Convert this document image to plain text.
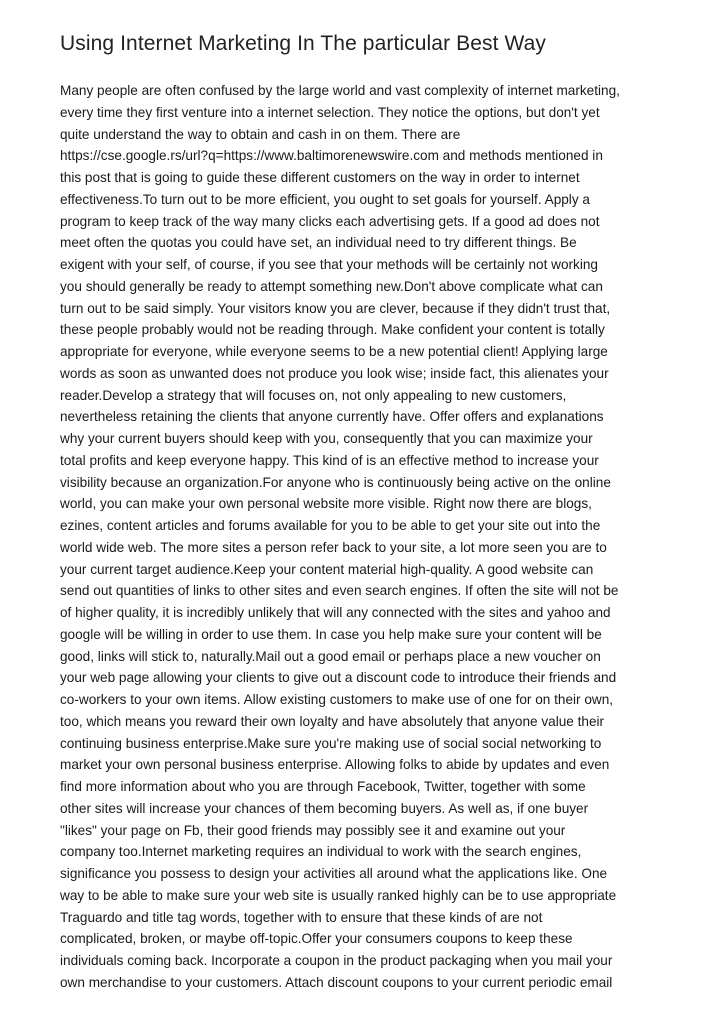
Using Internet Marketing In The particular Best Way
Many people are often confused by the large world and vast complexity of internet marketing,
every time they first venture into a internet selection. They notice the options, but don't yet
quite understand the way to obtain and cash in on them. There are
https://cse.google.rs/url?q=https://www.baltimorenewswire.com and methods mentioned in
this post that is going to guide these different customers on the way in order to internet
effectiveness.To turn out to be more efficient, you ought to set goals for yourself. Apply a
program to keep track of the way many clicks each advertising gets. If a good ad does not
meet often the quotas you could have set, an individual need to try different things. Be
exigent with your self, of course, if you see that your methods will be certainly not working
you should generally be ready to attempt something new.Don't above complicate what can
turn out to be said simply. Your visitors know you are clever, because if they didn't trust that,
these people probably would not be reading through. Make confident your content is totally
appropriate for everyone, while everyone seems to be a new potential client! Applying large
words as soon as unwanted does not produce you look wise; inside fact, this alienates your
reader.Develop a strategy that will focuses on, not only appealing to new customers,
nevertheless retaining the clients that anyone currently have. Offer offers and explanations
why your current buyers should keep with you, consequently that you can maximize your
total profits and keep everyone happy. This kind of is an effective method to increase your
visibility because an organization.For anyone who is continuously being active on the online
world, you can make your own personal website more visible. Right now there are blogs,
ezines, content articles and forums available for you to be able to get your site out into the
world wide web. The more sites a person refer back to your site, a lot more seen you are to
your current target audience.Keep your content material high-quality. A good website can
send out quantities of links to other sites and even search engines. If often the site will not be
of higher quality, it is incredibly unlikely that will any connected with the sites and yahoo and
google will be willing in order to use them. In case you help make sure your content will be
good, links will stick to, naturally.Mail out a good email or perhaps place a new voucher on
your web page allowing your clients to give out a discount code to introduce their friends and
co-workers to your own items. Allow existing customers to make use of one for on their own,
too, which means you reward their own loyalty and have absolutely that anyone value their
continuing business enterprise.Make sure you're making use of social social networking to
market your own personal business enterprise. Allowing folks to abide by updates and even
find more information about who you are through Facebook, Twitter, together with some
other sites will increase your chances of them becoming buyers. As well as, if one buyer
"likes" your page on Fb, their good friends may possibly see it and examine out your
company too.Internet marketing requires an individual to work with the search engines,
significance you possess to design your activities all around what the applications like. One
way to be able to make sure your web site is usually ranked highly can be to use appropriate
Traguardo and title tag words, together with to ensure that these kinds of are not
complicated, broken, or maybe off-topic.Offer your consumers coupons to keep these
individuals coming back. Incorporate a coupon in the product packaging when you mail your
own merchandise to your customers. Attach discount coupons to your current periodic email
